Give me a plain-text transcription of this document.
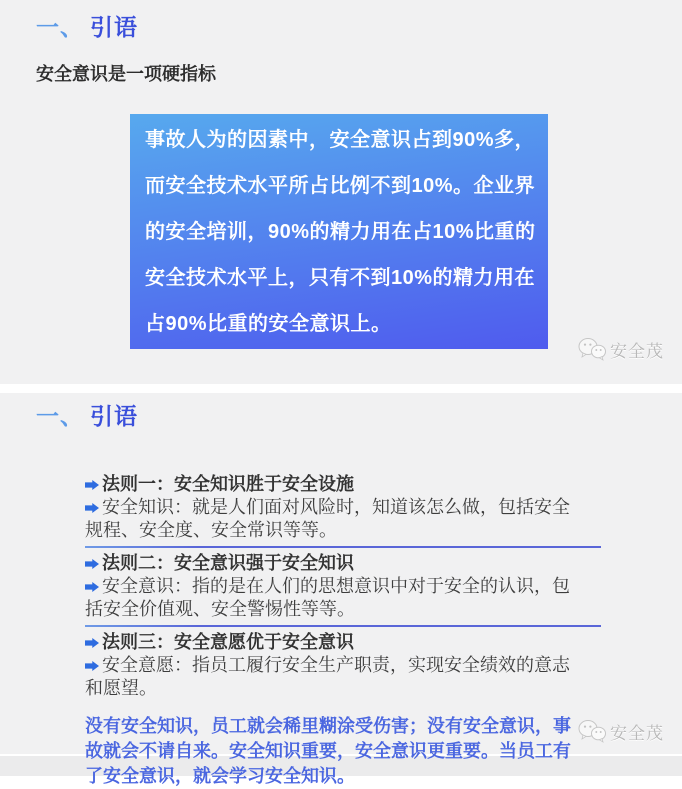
一、 引语
安全意识是一项硬指标
事故人为的因素中，安全意识占到90%多，
而安全技术水平所占比例不到10%。企业界
的安全培训，90%的精力用在占10%比重的
安全技术水平上，只有不到10%的精力用在
占90%比重的安全意识上。
安全茂
一、 引语
法则一：安全知识胜于安全设施
安全知识：就是人们面对风险时，知道该怎么做，包括安全规程、安全度、安全常识等等。
法则二：安全意识强于安全知识
安全意识：指的是在人们的思想意识中对于安全的认识，包括安全价值观、安全警惕性等等。
法则三：安全意愿优于安全意识
安全意愿：指员工履行安全生产职责，实现安全绩效的意志和愿望。
没有安全知识，员工就会稀里糊涂受伤害；没有安全意识，事故就会不请自来。安全知识重要，安全意识更重要。当员工有了安全意识，就会学习安全知识。
安全茂
